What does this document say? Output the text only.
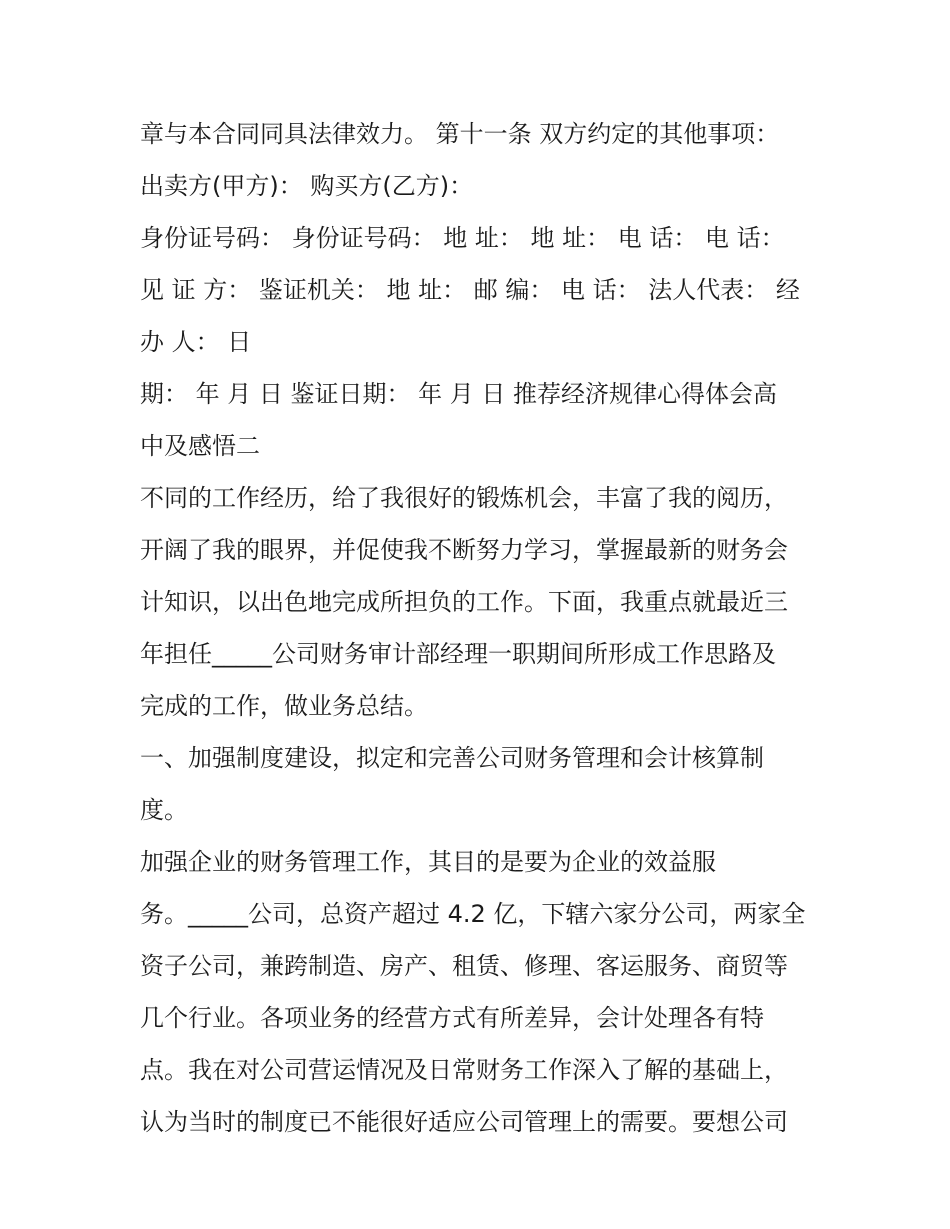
章与本合同同具法律效力。 第十一条 双方约定的其他事项：
出卖方(甲方)： 购买方(乙方)：
身份证号码： 身份证号码： 地 址： 地 址： 电 话： 电 话：
见 证 方： 鉴证机关： 地 址： 邮 编： 电 话： 法人代表： 经
办 人： 日
期： 年 月 日 鉴证日期： 年 月 日 推荐经济规律心得体会高
中及感悟二
不同的工作经历，给了我很好的锻炼机会，丰富了我的阅历，
开阔了我的眼界，并促使我不断努力学习，掌握最新的财务会
计知识，以出色地完成所担负的工作。下面，我重点就最近三
年担任_____公司财务审计部经理一职期间所形成工作思路及
完成的工作，做业务总结。
一、加强制度建设，拟定和完善公司财务管理和会计核算制
度。
加强企业的财务管理工作，其目的是要为企业的效益服
务。_____公司，总资产超过 4.2 亿，下辖六家分公司，两家全
资子公司，兼跨制造、房产、租赁、修理、客运服务、商贸等
几个行业。各项业务的经营方式有所差异，会计处理各有特
点。我在对公司营运情况及日常财务工作深入了解的基础上，
认为当时的制度已不能很好适应公司管理上的需要。要想公司
